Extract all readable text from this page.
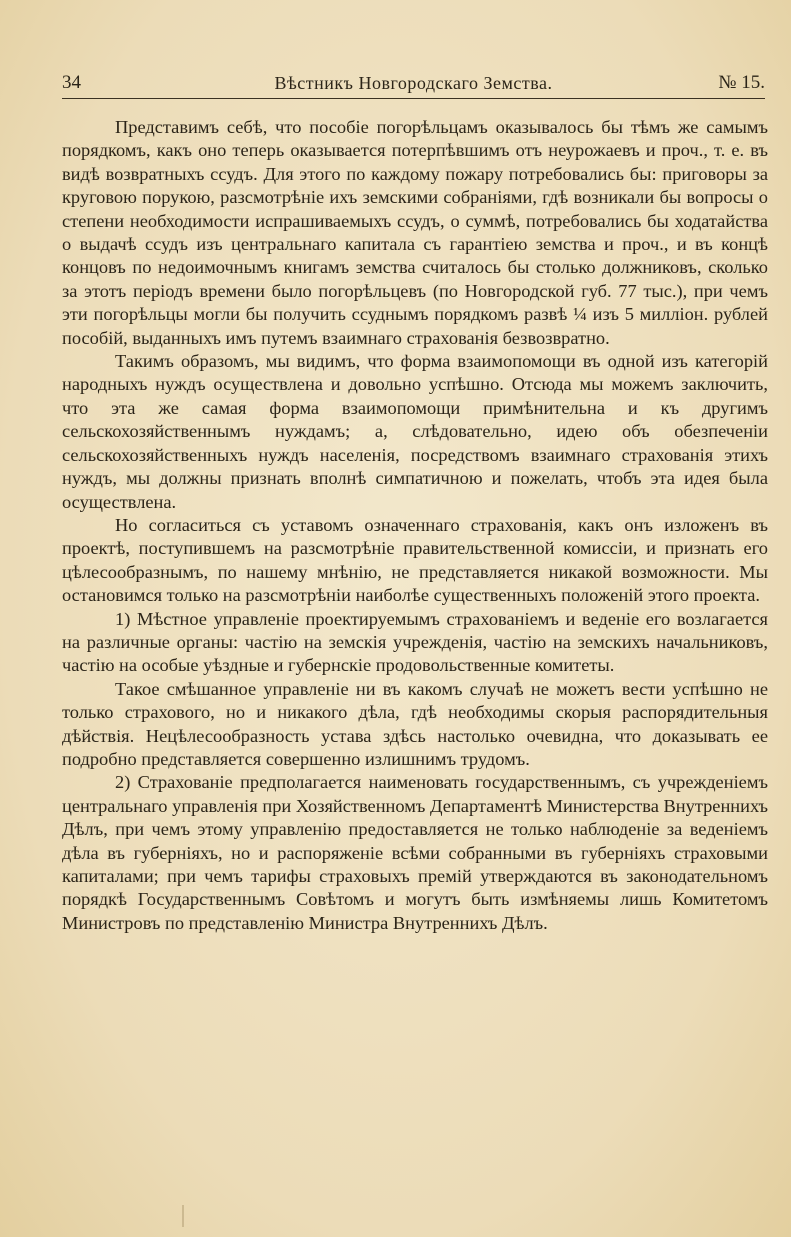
34	Вѣстникъ Новгородскаго Земства.	№ 15.

Представимъ себѣ, что пособіе погорѣльцамъ оказывалось бы тѣмъ же самымъ порядкомъ, какъ оно теперь оказывается потерпѣвшимъ отъ неурожаевъ и проч., т. е. въ видѣ возвратныхъ ссудъ. Для этого по каждому пожару потребовались бы: приговоры за круговою порукою, разсмотрѣніе ихъ земскими собраніями, гдѣ возникали бы вопросы о степени необходимости испрашиваемыхъ ссудъ, о суммѣ, потребовались бы ходатайства о выдачѣ ссудъ изъ центральнаго капитала съ гарантіею земства и проч., и въ концѣ концовъ по недоимочнымъ книгамъ земства считалось бы столько должниковъ, сколько за этотъ періодъ времени было погорѣльцевъ (по Новгородской губ. 77 тыс.), при чемъ эти погорѣльцы могли бы получить ссуднымъ порядкомъ развѣ ¼ изъ 5 милліон. рублей пособій, выданныхъ имъ путемъ взаимнаго страхованія безвозвратно.

Такимъ образомъ, мы видимъ, что форма взаимопомощи въ одной изъ категорій народныхъ нуждъ осуществлена и довольно успѣшно. Отсюда мы можемъ заключить, что эта же самая форма взаимопомощи примѣнительна и къ другимъ сельскохозяйственнымъ нуждамъ; а, слѣдовательно, идею объ обезпеченіи сельскохозяйственныхъ нуждъ населенія, посредствомъ взаимнаго страхованія этихъ нуждъ, мы должны признать вполнѣ симпатичною и пожелать, чтобъ эта идея была осуществлена.

Но согласиться съ уставомъ означеннаго страхованія, какъ онъ изложенъ въ проектѣ, поступившемъ на разсмотрѣніе правительственной комиссіи, и признать его цѣлесообразнымъ, по нашему мнѣнію, не представляется никакой возможности. Мы остановимся только на разсмотрѣніи наиболѣе существенныхъ положеній этого проекта.

1) Мѣстное управленіе проектируемымъ страхованіемъ и веденіе его возлагается на различные органы: частію на земскія учрежденія, частію на земскихъ начальниковъ, частію на особые уѣздные и губернскіе продовольственные комитеты.

Такое смѣшанное управленіе ни въ какомъ случаѣ не можетъ вести успѣшно не только страхового, но и никакого дѣла, гдѣ необходимы скорыя распорядительныя дѣйствія. Нецѣлесообразность устава здѣсь настолько очевидна, что доказывать ее подробно представляется совершенно излишнимъ трудомъ.

2) Страхованіе предполагается наименовать государственнымъ, съ учрежденіемъ центральнаго управленія при Хозяйственномъ Департаментѣ Министерства Внутреннихъ Дѣлъ, при чемъ этому управленію предоставляется не только наблюденіе за веденіемъ дѣла въ губерніяхъ, но и распоряженіе всѣми собранными въ губерніяхъ страховыми капиталами; при чемъ тарифы страховыхъ премій утверждаются въ законодательномъ порядкѣ Государственнымъ Совѣтомъ и могутъ быть измѣняемы лишь Комитетомъ Министровъ по представленію Министра Внутреннихъ Дѣлъ.
